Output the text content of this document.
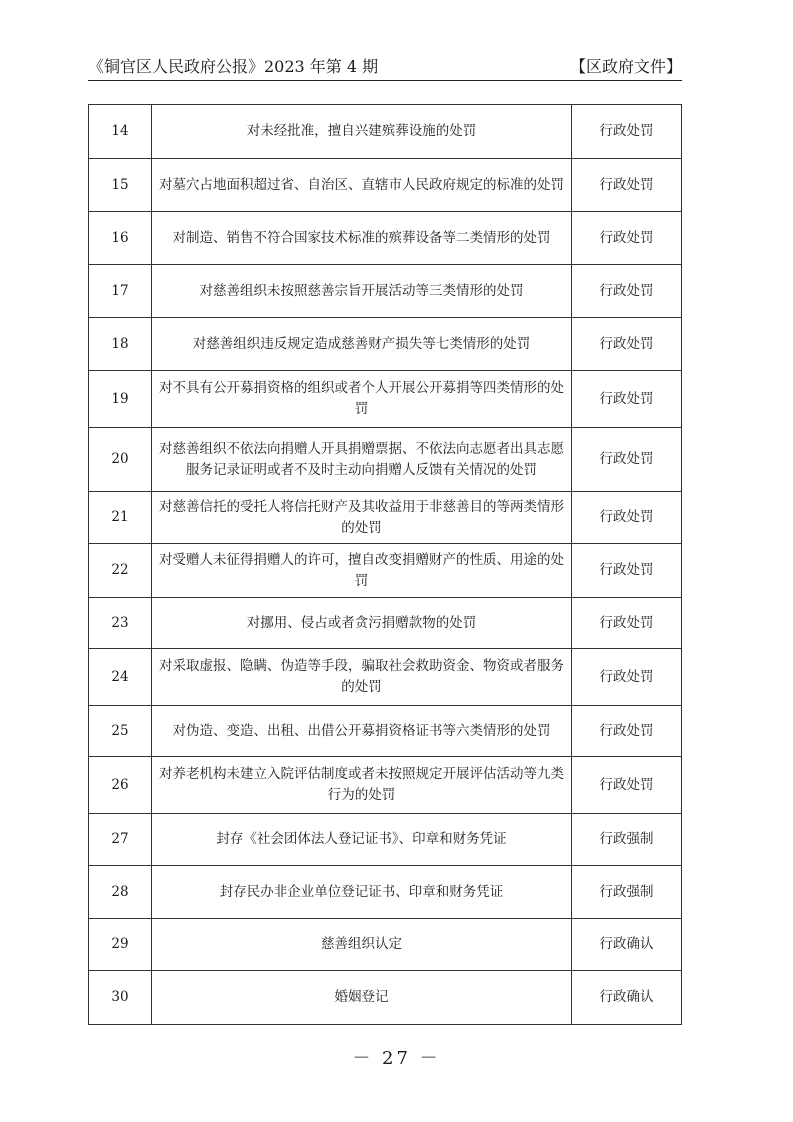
《铜官区人民政府公报》2023 年第 4 期	【区政府文件】
14	对未经批准，擅自兴建殡葬设施的处罚	行政处罚
15	对墓穴占地面积超过省、自治区、直辖市人民政府规定的标准的处罚	行政处罚
16	对制造、销售不符合国家技术标准的殡葬设备等二类情形的处罚	行政处罚
17	对慈善组织未按照慈善宗旨开展活动等三类情形的处罚	行政处罚
18	对慈善组织违反规定造成慈善财产损失等七类情形的处罚	行政处罚
19	对不具有公开募捐资格的组织或者个人开展公开募捐等四类情形的处罚	行政处罚
20	对慈善组织不依法向捐赠人开具捐赠票据、不依法向志愿者出具志愿服务记录证明或者不及时主动向捐赠人反馈有关情况的处罚	行政处罚
21	对慈善信托的受托人将信托财产及其收益用于非慈善目的等两类情形的处罚	行政处罚
22	对受赠人未征得捐赠人的许可，擅自改变捐赠财产的性质、用途的处罚	行政处罚
23	对挪用、侵占或者贪污捐赠款物的处罚	行政处罚
24	对采取虚报、隐瞒、伪造等手段，骗取社会救助资金、物资或者服务的处罚	行政处罚
25	对伪造、变造、出租、出借公开募捐资格证书等六类情形的处罚	行政处罚
26	对养老机构未建立入院评估制度或者未按照规定开展评估活动等九类行为的处罚	行政处罚
27	封存《社会团体法人登记证书》、印章和财务凭证	行政强制
28	封存民办非企业单位登记证书、印章和财务凭证	行政强制
29	慈善组织认定	行政确认
30	婚姻登记	行政确认
－ 27 －
